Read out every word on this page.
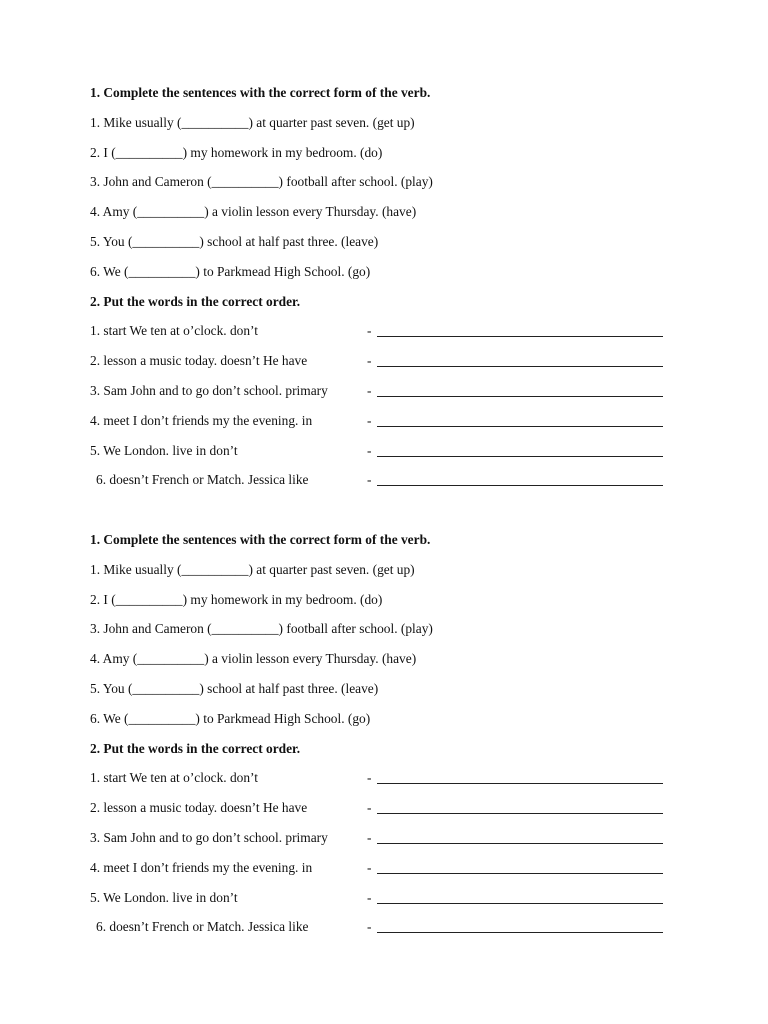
1. Complete the sentences with the correct form of the verb.
1. Mike usually (__________) at quarter past seven. (get up)
2. I (__________) my homework in my bedroom. (do)
3. John and Cameron (__________) football after school. (play)
4. Amy (__________) a violin lesson every Thursday. (have)
5. You (__________) school at half past three. (leave)
6. We (__________) to Parkmead High School. (go)
2. Put the words in the correct order.

1. start We ten at o’clock. don’t

	-

2. lesson a music today. doesn’t He have

	-

3. Sam John and to go don’t school. primary

	-

4. meet I don’t friends my the evening. in

	-

5. We London. live in don’t

	-

6. doesn’t French or Match. Jessica like

	-

1. Complete the sentences with the correct form of the verb.
1. Mike usually (__________) at quarter past seven. (get up)
2. I (__________) my homework in my bedroom. (do)
3. John and Cameron (__________) football after school. (play)
4. Amy (__________) a violin lesson every Thursday. (have)
5. You (__________) school at half past three. (leave)
6. We (__________) to Parkmead High School. (go)
2. Put the words in the correct order.

1. start We ten at o’clock. don’t

	-

2. lesson a music today. doesn’t He have

	-

3. Sam John and to go don’t school. primary

	-

4. meet I don’t friends my the evening. in

	-

5. We London. live in don’t

	-

6. doesn’t French or Match. Jessica like

	-
